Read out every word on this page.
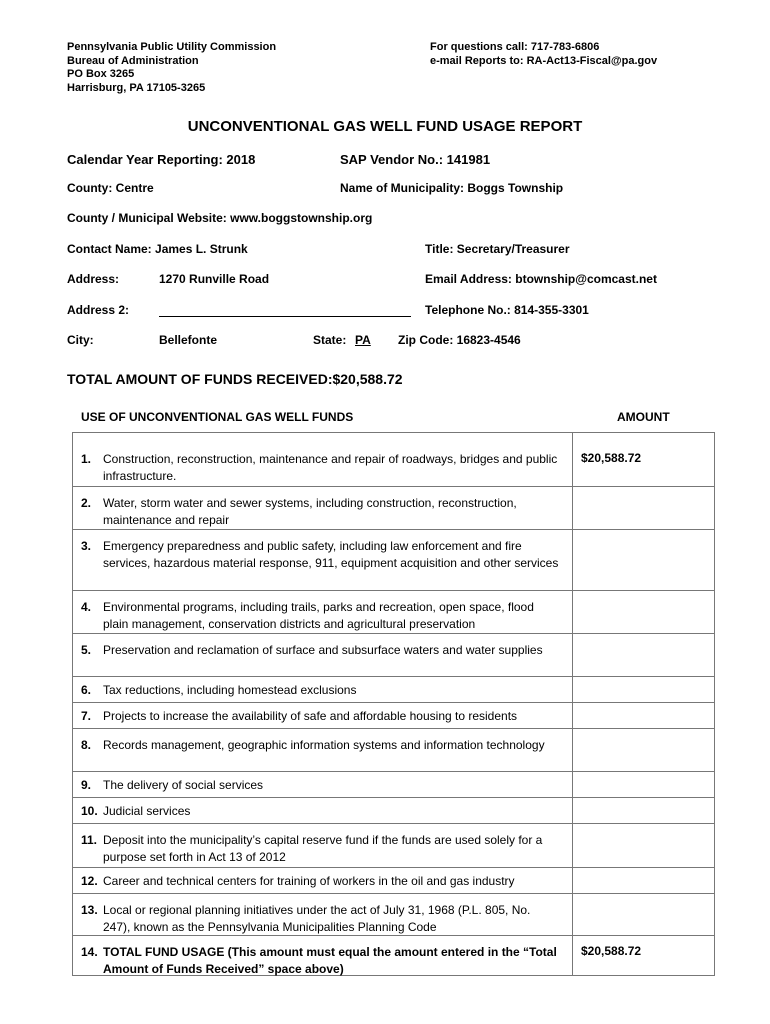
Pennsylvania Public Utility Commission
Bureau of Administration
PO Box 3265
Harrisburg, PA 17105-3265
For questions call: 717-783-6806
e-mail Reports to: RA-Act13-Fiscal@pa.gov
UNCONVENTIONAL GAS WELL FUND USAGE REPORT
Calendar Year Reporting: 2018	SAP Vendor No.: 141981
County: Centre	Name of Municipality: Boggs Township
County / Municipal Website: www.boggstownship.org
Contact Name: James L. Strunk	Title: Secretary/Treasurer
Address:	1270 Runville Road	Email Address: btownship@comcast.net
Address 2:	Telephone No.: 814-355-3301
City:	Bellefonte	State: PA Zip Code: 16823-4546
TOTAL AMOUNT OF FUNDS RECEIVED:$20,588.72
USE OF UNCONVENTIONAL GAS WELL FUNDS	AMOUNT
1. Construction, reconstruction, maintenance and repair of roadways, bridges and public infrastructure.
$20,588.72
2. Water, storm water and sewer systems, including construction, reconstruction, maintenance and repair
3. Emergency preparedness and public safety, including law enforcement and fire services, hazardous material response, 911, equipment acquisition and other services
4. Environmental programs, including trails, parks and recreation, open space, flood plain management, conservation districts and agricultural preservation
5. Preservation and reclamation of surface and subsurface waters and water supplies
6. Tax reductions, including homestead exclusions
7. Projects to increase the availability of safe and affordable housing to residents
8. Records management, geographic information systems and information technology
9. The delivery of social services
10. Judicial services
11. Deposit into the municipality’s capital reserve fund if the funds are used solely for a purpose set forth in Act 13 of 2012
12. Career and technical centers for training of workers in the oil and gas industry
13. Local or regional planning initiatives under the act of July 31, 1968 (P.L. 805, No. 247), known as the Pennsylvania Municipalities Planning Code
14. TOTAL FUND USAGE (This amount must equal the amount entered in the “Total Amount of Funds Received” space above)
$20,588.72
